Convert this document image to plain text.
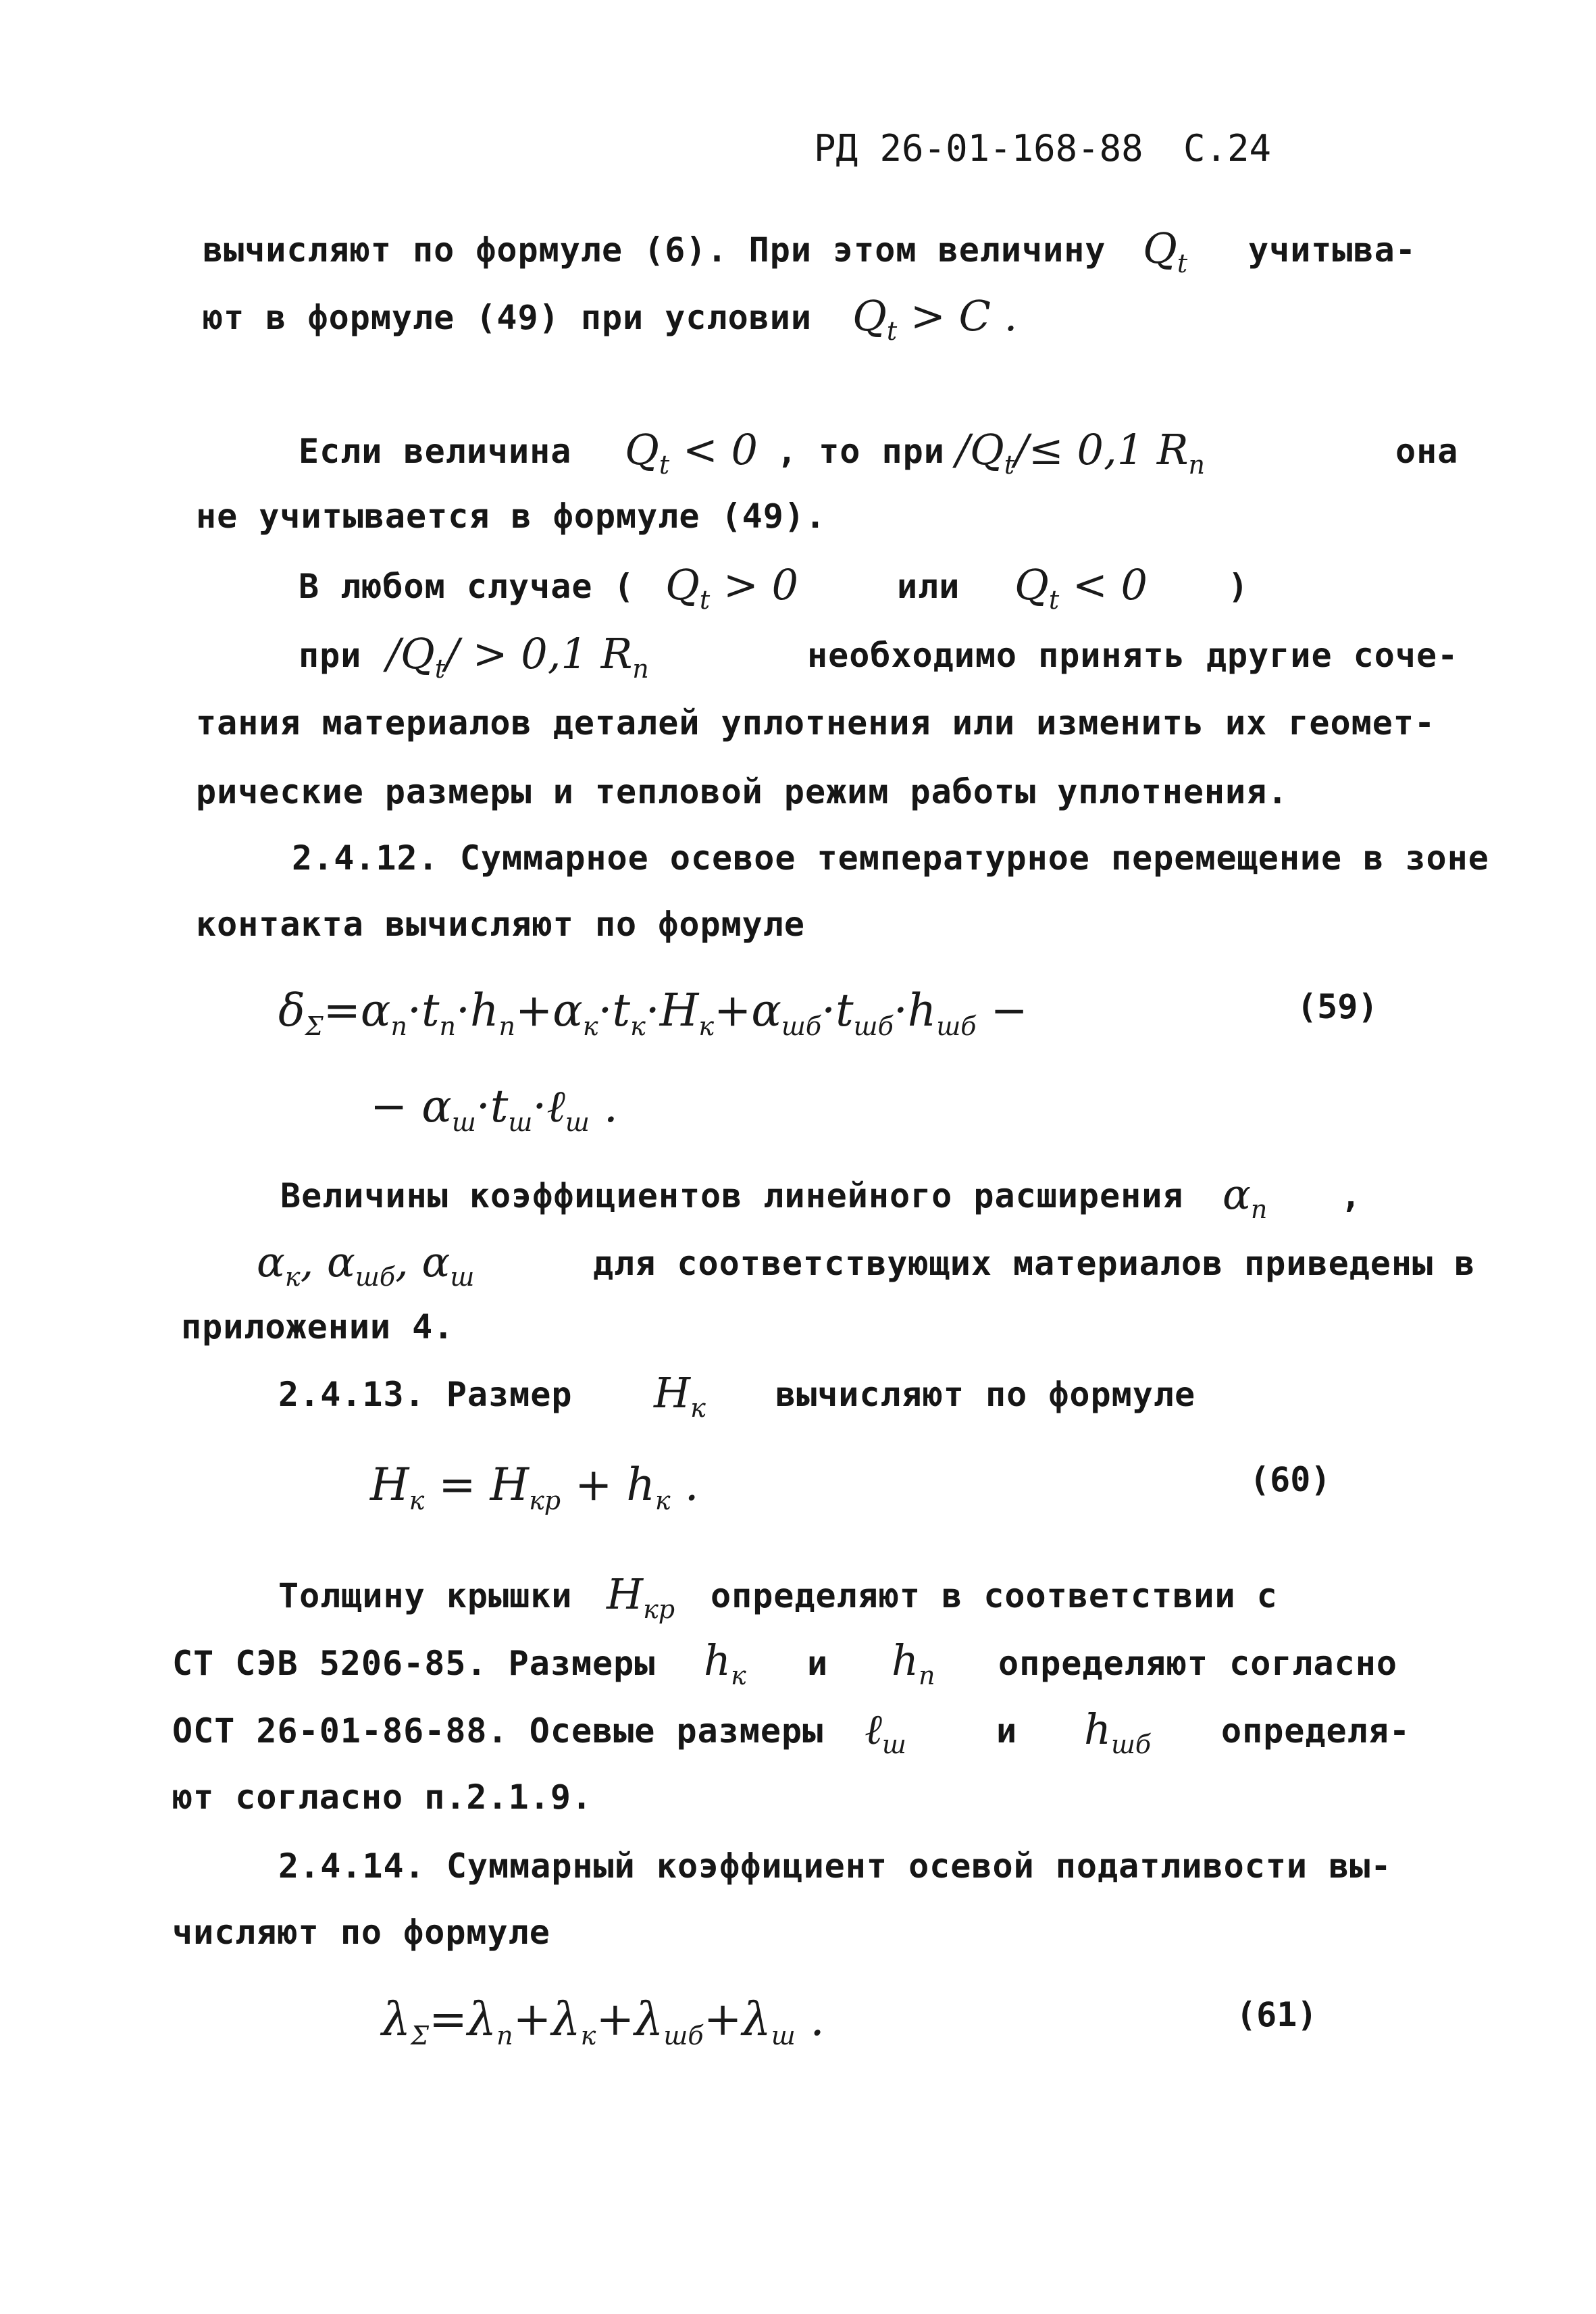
РД 26-01-168-88 С.24
вычисляют по формуле (6). При этом величину $Q_t$ учитыва-
ют в формуле (49) при условии $Q_t > C$ .
Если величина $Q_t < 0$ , то при $/Q_t/\le 0,1$ $R_n$	она
не учитывается в формуле (49).
В любом случае ( $Q_t > 0$	или $Q_t < 0$ )
при $/Q_t/ > 0,1$ $R_n$	необходимо принять другие соче-
тания материалов деталей уплотнения или изменить их геомет-
рические размеры и тепловой режим работы уплотнения.
2.4.12. Суммарное осевое температурное перемещение в зоне
контакта вычисляют по формуле
$\delta_\Sigma=\alpha_n\cdot t_n\cdot h_n+\alpha_к\cdot t_к\cdot H_к+\alpha_{шб}\cdot t_{шб}\cdot h_{шб}$ −	(59)
− $\alpha_ш\cdot t_ш\cdot\ell_ш$ .
Величины коэффициентов линейного расширения $\alpha_n$ ,
$\alpha_к$, $\alpha_{шб}$, $\alpha_ш$	для соответствующих материалов приведены в
приложении 4.
2.4.13. Размер $H_к$ вычисляют по формуле
$H_к = H_{кр} + h_к$ .	(60)
Толщину крышки $H_{кр}$ определяют в соответствии с
СТ СЭВ 5206-85. Размеры $h_к$ и $h_n$ определяют согласно
ОСТ 26-01-86-88. Осевые размеры ℓ$_ш$	и $h_{шб}$ определя-
ют согласно п.2.1.9.
2.4.14. Суммарный коэффициент осевой податливости вы-
числяют по формуле
$\lambda_\Sigma=\lambda_n+\lambda_к+\lambda_{шб}+\lambda_ш$ .	(61)
